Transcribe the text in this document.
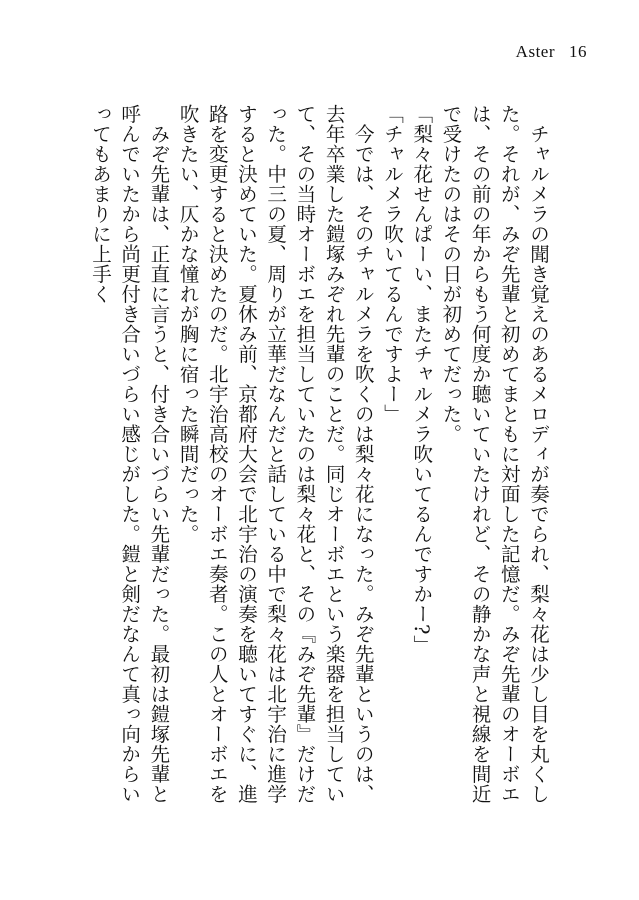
Aster 16

チャルメラの聞き覚えのあるメロディが奏でられ、梨々花は少し目を丸くした。それが、みぞ先輩と初めてまともに対面した記憶だ。みぞ先輩のオーボエは、その前の年からもう何度か聴いていたけれど、その静かな声と視線を間近で受けたのはその日が初めてだった。

「梨々花せんぱーい、またチャルメラ吹いてるんですかー?」

「チャルメラ吹いてるんですよー」

今では、そのチャルメラを吹くのは梨々花になった。みぞ先輩というのは、去年卒業した鎧塚みぞれ先輩のことだ。同じオーボエという楽器を担当していて、その当時オーボエを担当していたのは梨々花と、その『みぞ先輩』だけだった。中三の夏、周りが立華だなんだと話している中で梨々花は北宇治に進学すると決めていた。夏休み前、京都府大会で北宇治の演奏を聴いてすぐに、進路を変更すると決めたのだ。北宇治高校のオーボエ奏者。この人とオーボエを吹きたい、仄かな憧れが胸に宿った瞬間だった。

みぞ先輩は、正直に言うと、付き合いづらい先輩だった。最初は鎧塚先輩と呼んでいたから尚更付き合いづらい感じがした。鎧と剣だなんて真っ向からいってもあまりに上手く
